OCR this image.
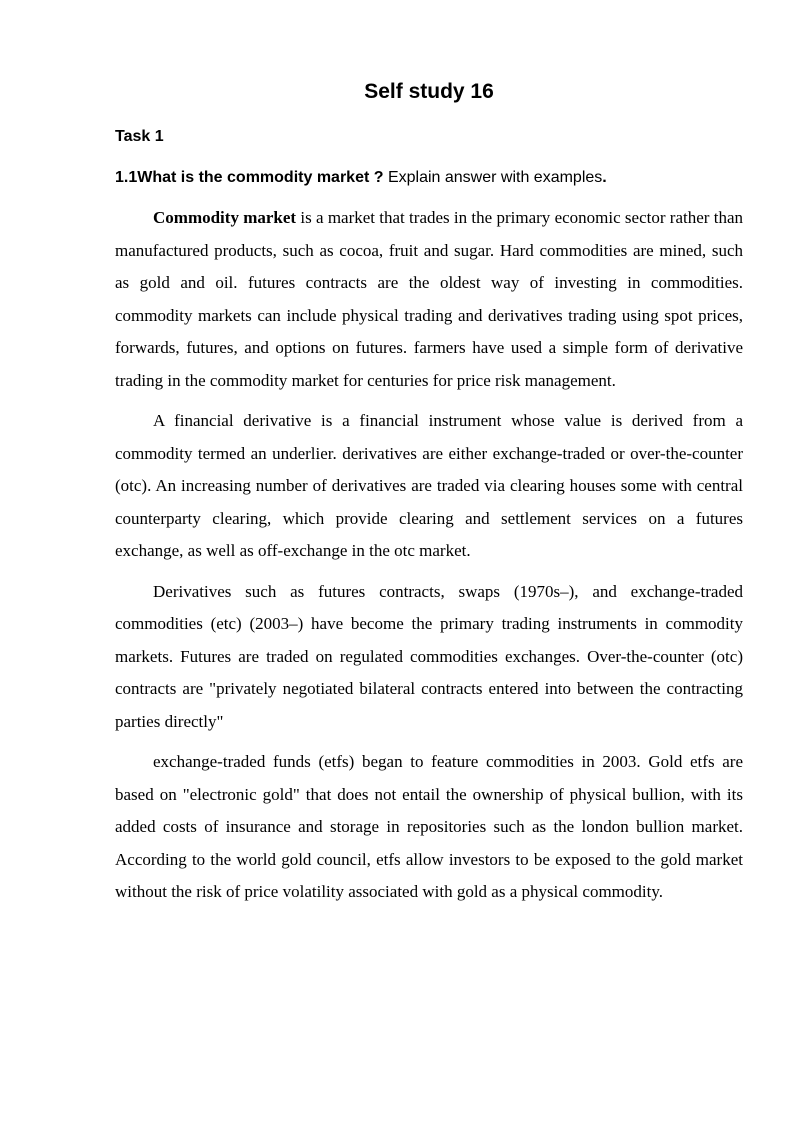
Self study 16
Task 1

1.1What is the commodity market ? Explain answer with examples.

Commodity market is a market that trades in the primary economic sector rather than manufactured products, such as cocoa, fruit and sugar. Hard commodities are mined, such as gold and oil. futures contracts are the oldest way of investing in commodities. commodity markets can include physical trading and derivatives trading using spot prices, forwards, futures, and options on futures. farmers have used a simple form of derivative trading in the commodity market for centuries for price risk management.

A financial derivative is a financial instrument whose value is derived from a commodity termed an underlier. derivatives are either exchange-traded or over-the-counter (otc). An increasing number of derivatives are traded via clearing houses some with central counterparty clearing, which provide clearing and settlement services on a futures exchange, as well as off-exchange in the otc market.

Derivatives such as futures contracts, swaps (1970s–), and exchange-traded commodities (etc) (2003–) have become the primary trading instruments in commodity markets. Futures are traded on regulated commodities exchanges. Over-the-counter (otc) contracts are "privately negotiated bilateral contracts entered into between the contracting parties directly"

exchange-traded funds (etfs) began to feature commodities in 2003. Gold etfs are based on "electronic gold" that does not entail the ownership of physical bullion, with its added costs of insurance and storage in repositories such as the london bullion market. According to the world gold council, etfs allow investors to be exposed to the gold market without the risk of price volatility associated with gold as a physical commodity.
